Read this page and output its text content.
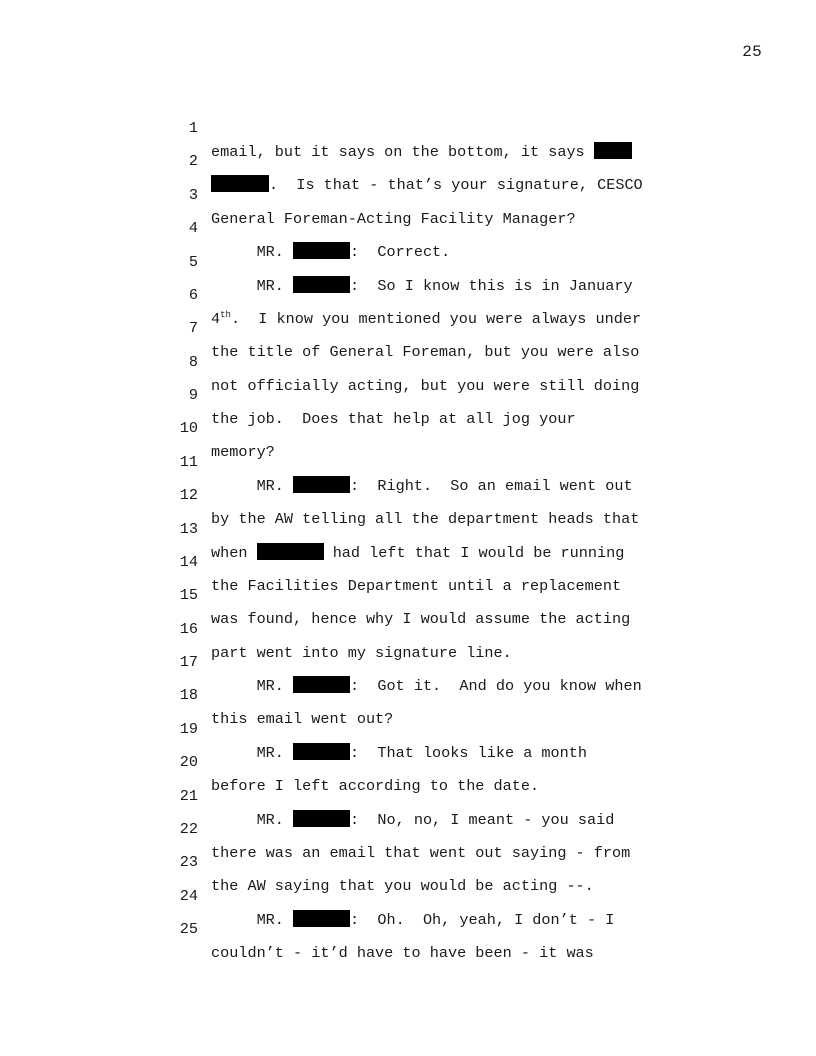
25

1

email, but it says on the bottom, it says

2

.  Is that - that’s your signature, CESCO

3

General Foreman-Acting Facility Manager?

4

MR.	:  Correct.

5

MR.	:  So I know this is in January

6

4th.  I know you mentioned you were always under

7

the title of General Foreman, but you were also

8

not officially acting, but you were still doing

9

the job.  Does that help at all jog your

10

memory?

11

MR.	:  Right.  So an email went out

12

by the AW telling all the department heads that

13

when	had left that I would be running

14

the Facilities Department until a replacement

15

was found, hence why I would assume the acting

16

part went into my signature line.

17

MR.	:  Got it.  And do you know when

18

this email went out?

19

MR.	:  That looks like a month

20

before I left according to the date.

21

MR.	:  No, no, I meant - you said

22

there was an email that went out saying - from

23

the AW saying that you would be acting --.

24

MR.	:  Oh.  Oh, yeah, I don’t - I

25

couldn’t - it’d have to have been - it was
